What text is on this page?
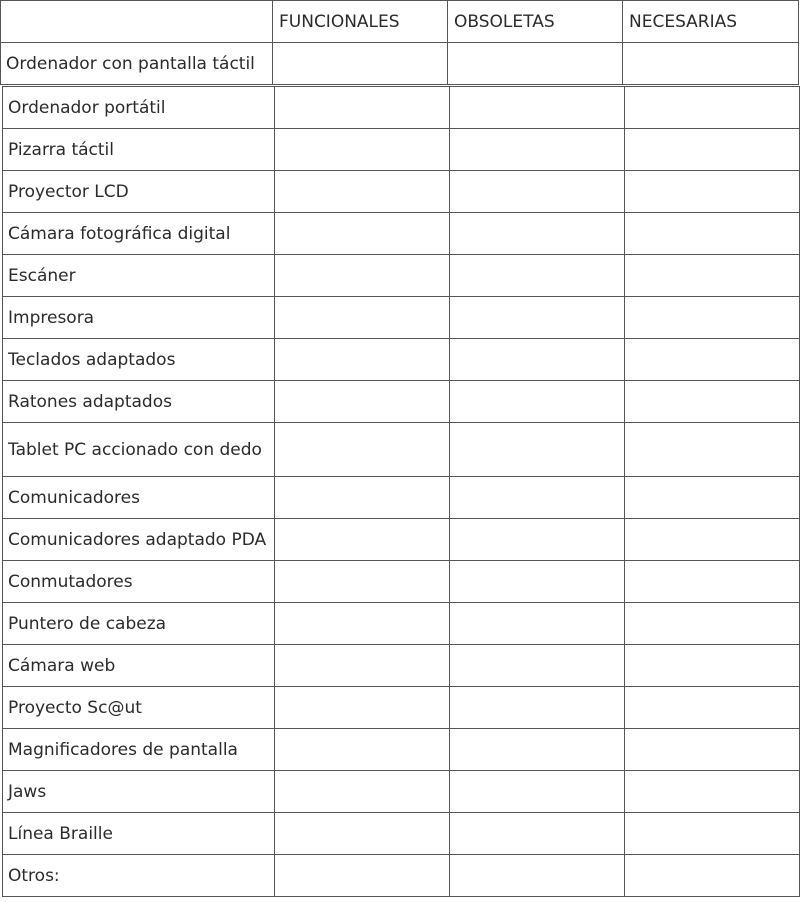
	FUNCIONALES	OBSOLETAS	NECESARIAS
Ordenador con pantalla táctil			
Ordenador portátil			
Pizarra táctil			
Proyector LCD			
Cámara fotográfica digital			
Escáner			
Impresora			
Teclados adaptados			
Ratones adaptados			
Tablet PC accionado con dedo			
Comunicadores			
Comunicadores adaptado PDA			
Conmutadores			
Puntero de cabeza			
Cámara web			
Proyecto Sc@ut			
Magnificadores de pantalla			
Jaws			
Línea Braille			
Otros:			
